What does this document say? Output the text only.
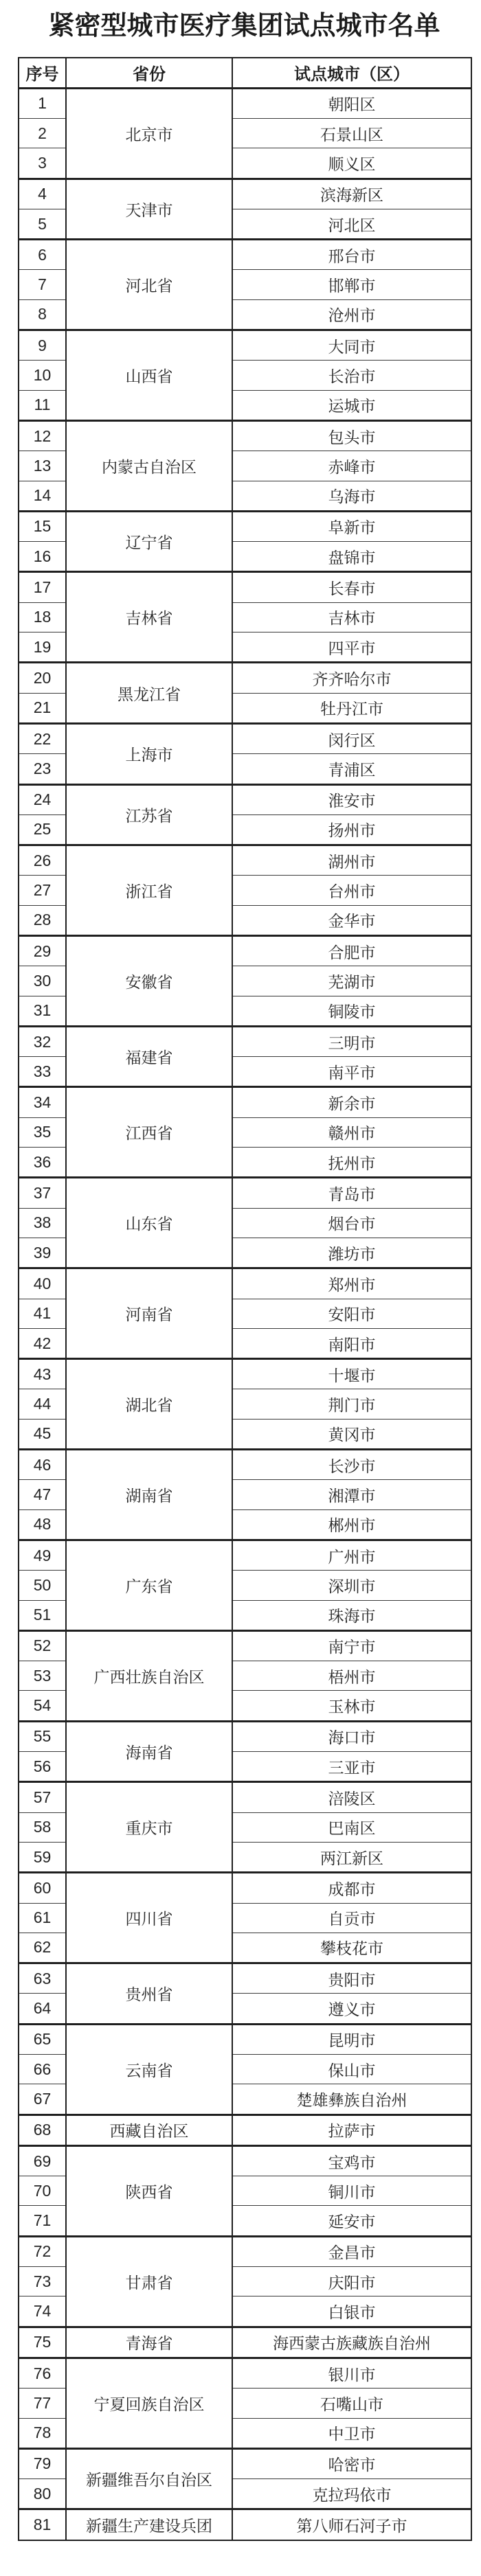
紧密型城市医疗集团试点城市名单
序号	省份	试点城市（区）
1	北京市	朝阳区
2		石景山区
3		顺义区
4	天津市	滨海新区
5		河北区
6	河北省	邢台市
7		邯郸市
8		沧州市
9	山西省	大同市
10		长治市
11		运城市
12	内蒙古自治区	包头市
13		赤峰市
14		乌海市
15	辽宁省	阜新市
16		盘锦市
17	吉林省	长春市
18		吉林市
19		四平市
20	黑龙江省	齐齐哈尔市
21		牡丹江市
22	上海市	闵行区
23		青浦区
24	江苏省	淮安市
25		扬州市
26	浙江省	湖州市
27		台州市
28		金华市
29	安徽省	合肥市
30		芜湖市
31		铜陵市
32	福建省	三明市
33		南平市
34	江西省	新余市
35		赣州市
36		抚州市
37	山东省	青岛市
38		烟台市
39		潍坊市
40	河南省	郑州市
41		安阳市
42		南阳市
43	湖北省	十堰市
44		荆门市
45		黄冈市
46	湖南省	长沙市
47		湘潭市
48		郴州市
49	广东省	广州市
50		深圳市
51		珠海市
52	广西壮族自治区	南宁市
53		梧州市
54		玉林市
55	海南省	海口市
56		三亚市
57	重庆市	涪陵区
58		巴南区
59		两江新区
60	四川省	成都市
61		自贡市
62		攀枝花市
63	贵州省	贵阳市
64		遵义市
65	云南省	昆明市
66		保山市
67		楚雄彝族自治州
68	西藏自治区	拉萨市
69	陕西省	宝鸡市
70		铜川市
71		延安市
72	甘肃省	金昌市
73		庆阳市
74		白银市
75	青海省	海西蒙古族藏族自治州
76	宁夏回族自治区	银川市
77		石嘴山市
78		中卫市
79	新疆维吾尔自治区	哈密市
80		克拉玛依市
81	新疆生产建设兵团	第八师石河子市
